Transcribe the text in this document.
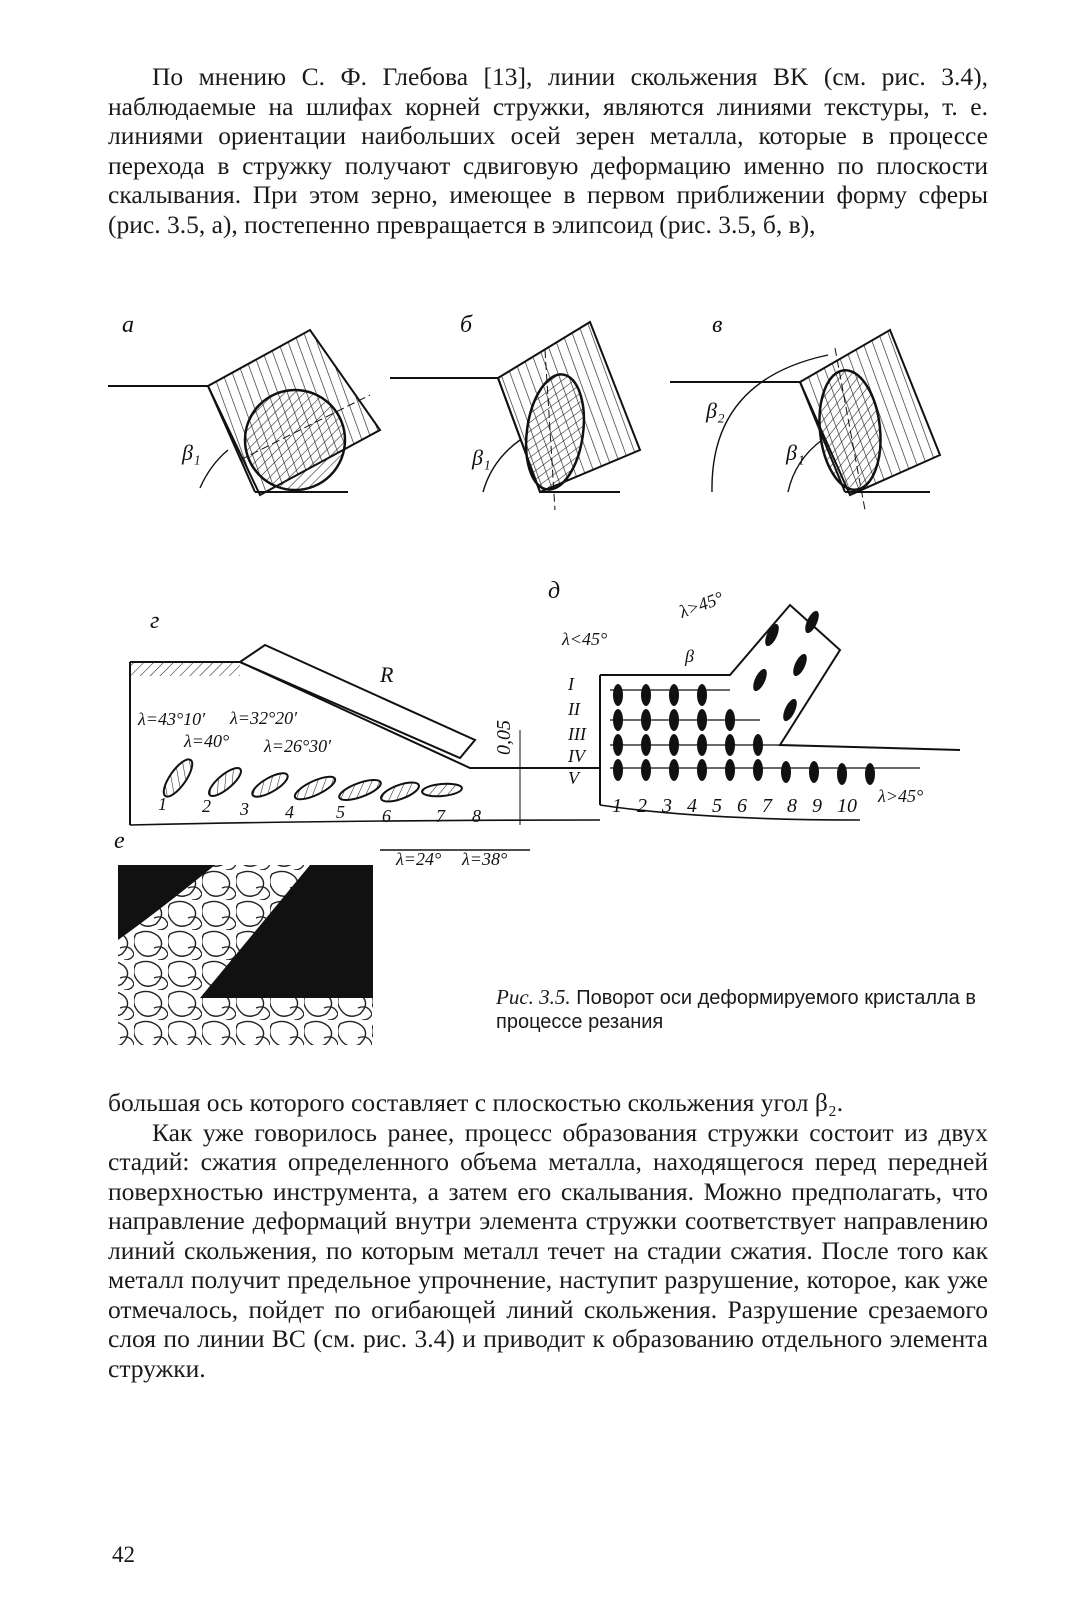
По мнению С. Ф. Глебова [13], линии скольжения BK (см. рис. 3.4), наблюдаемые на шлифах корней стружки, являются линиями текстуры, т. е. линиями ориентации наибольших осей зерен металла, которые в процессе перехода в стружку получают сдвиговую деформацию именно по плоскости скалывания. При этом зерно, имеющее в первом приближении форму сферы (рис. 3.5, а), постепенно превращается в элипсоид (рис. 3.5, б, в),

а	б	в
β₁	β₁
β₂
β₁
г
R
0,05
λ=43°10′ λ=32°20′
λ=40° λ=26°30′
λ=24° λ=38°
1 2 3 4 5 6	7 8
д
λ<45°
λ>45°
β
λ>45°
I
II
III
IV
V
1 2 3 4 5 6 7 8 9 10
е
Рис. 3.5. Поворот оси деформируемого кристалла в процессе резания

большая ось которого составляет с плоскостью скольжения угол β₂.

Как уже говорилось ранее, процесс образования стружки состоит из двух стадий: сжатия определенного объема металла, находящегося перед передней поверхностью инструмента, а затем его скалывания. Можно предполагать, что направление деформаций внутри элемента стружки соответствует направлению линий скольжения, по которым металл течет на стадии сжатия. После того как металл получит предельное упрочнение, наступит разрушение, которое, как уже отмечалось, пойдет по огибающей линий скольжения. Разрушение срезаемого слоя по линии BC (см. рис. 3.4) и приводит к образованию отдельного элемента стружки.

42
